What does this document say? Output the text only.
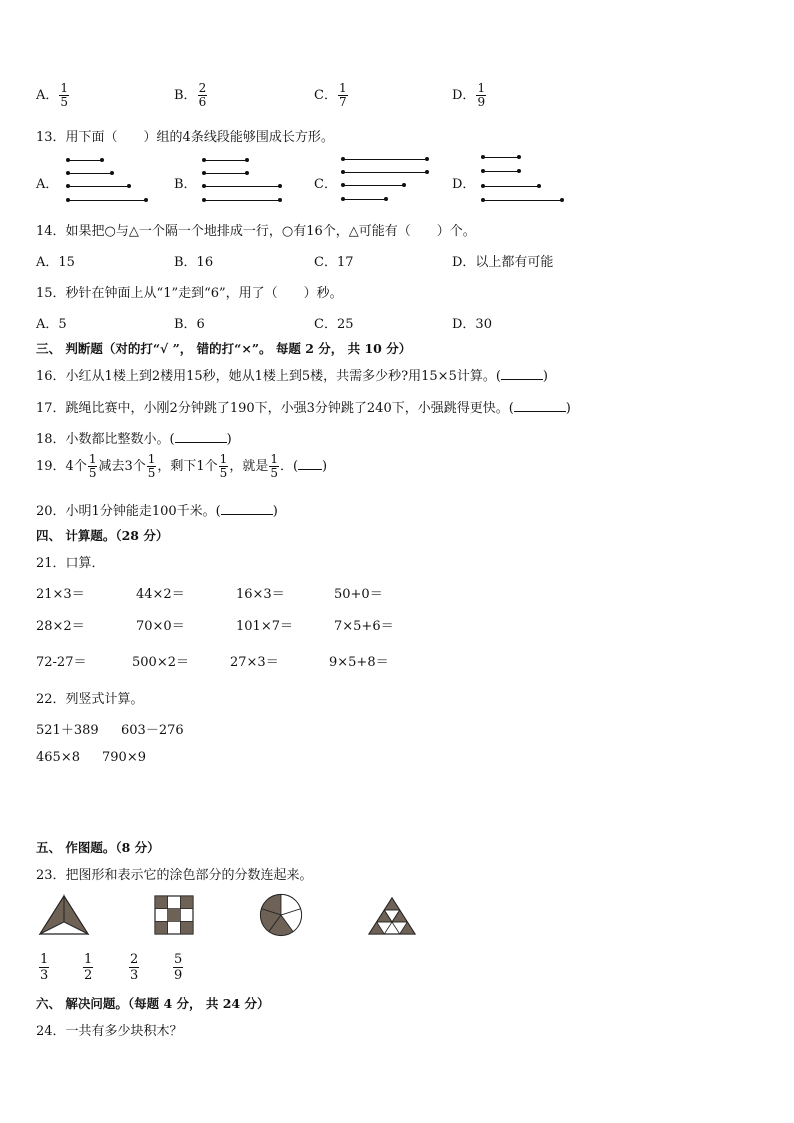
A． $\frac{1}{5}$	B． $\frac{2}{6}$	C． $\frac{1}{7}$	D． $\frac{1}{9}$
13．用下面（　　）组的4条线段能够围成长方形。
A．	B．	C．	D．
14．如果把○与△一个隔一个地排成一行，○有16个，△可能有（　　）个。
A．15	B．16	C．17	D．以上都有可能
15．秒针在钟面上从“1”走到“6”，用了（　　）秒。
A．5	B．6	C．25	D．30
三、 判断题（对的打“√ ”， 错的打“×”。 每题 2 分， 共 10 分）
16．小红从1楼上到2楼用15秒，她从1楼上到5楼，共需多少秒?用15×5计算。(	)
17．跳绳比赛中，小刚2分钟跳了190下，小强3分钟跳了240下，小强跳得更快。(	)
18．小数都比整数小。(	)
19．4个 $\frac{1}{5}$ 减去3个 $\frac{1}{5}$ ，剩下1个 $\frac{1}{5}$ ，就是 $\frac{1}{5}$ ．( )
20．小明1分钟能走100千米。(	)
四、 计算题。（28 分）
21．口算．
21×3＝	44×2＝	16×3＝	50+0＝
28×2＝	70×0＝	101×7＝	7×5+6＝
72-27＝	500×2＝	27×3＝	9×5+8＝
22．列竖式计算。
521＋389 603－276
465×8 790×9
五、 作图题。（8 分）
23．把图形和表示它的涂色部分的分数连起来。
$\frac{1}{3}$	$\frac{1}{2}$	$\frac{2}{3}$	$\frac{5}{9}$
六、 解决问题。（每题 4 分， 共 24 分）
24．一共有多少块积木？
